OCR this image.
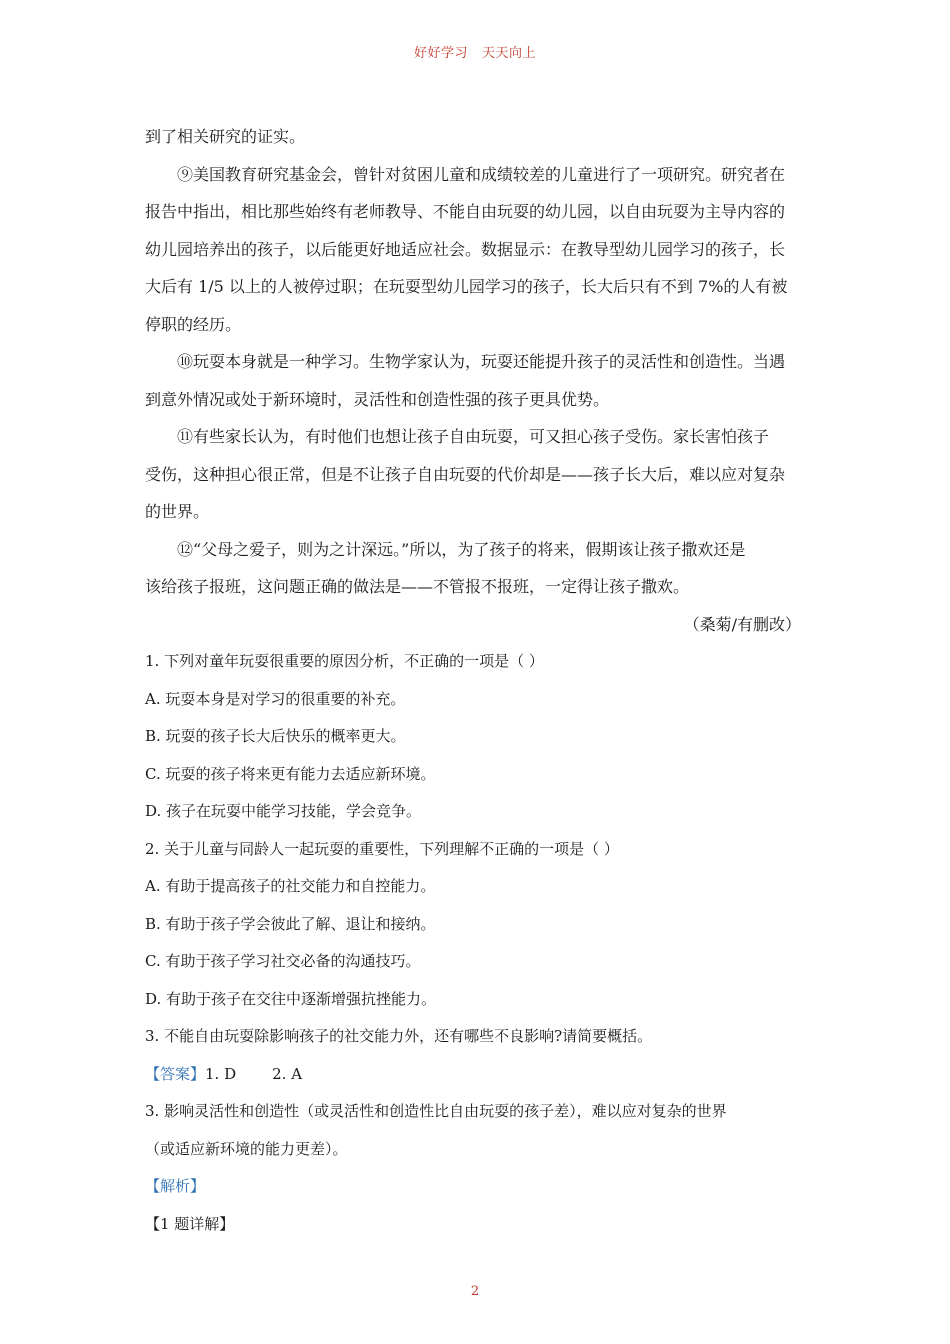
好好学习 天天向上
到了相关研究的证实。
⑨美国教育研究基金会，曾针对贫困儿童和成绩较差的儿童进行了一项研究。研究者在
报告中指出，相比那些始终有老师教导、不能自由玩耍的幼儿园，以自由玩耍为主导内容的
幼儿园培养出的孩子，以后能更好地适应社会。数据显示：在教导型幼儿园学习的孩子，长
大后有 1/5 以上的人被停过职；在玩耍型幼儿园学习的孩子，长大后只有不到 7%的人有被
停职的经历。
⑩玩耍本身就是一种学习。生物学家认为，玩耍还能提升孩子的灵活性和创造性。当遇
到意外情况或处于新环境时，灵活性和创造性强的孩子更具优势。
⑪有些家长认为，有时他们也想让孩子自由玩耍，可又担心孩子受伤。家长害怕孩子
受伤，这种担心很正常，但是不让孩子自由玩耍的代价却是——孩子长大后，难以应对复杂
的世界。
⑫“父母之爱子，则为之计深远。”所以，为了孩子的将来，假期该让孩子撒欢还是
该给孩子报班，这问题正确的做法是——不管报不报班，一定得让孩子撒欢。
（桑菊/有删改）
1. 下列对童年玩耍很重要的原因分析，不正确的一项是（ ）
A. 玩耍本身是对学习的很重要的补充。
B. 玩耍的孩子长大后快乐的概率更大。
C. 玩耍的孩子将来更有能力去适应新环境。
D. 孩子在玩耍中能学习技能，学会竞争。
2. 关于儿童与同龄人一起玩耍的重要性，下列理解不正确的一项是（ ）
A. 有助于提高孩子的社交能力和自控能力。
B. 有助于孩子学会彼此了解、退让和接纳。
C. 有助于孩子学习社交必备的沟通技巧。
D. 有助于孩子在交往中逐渐增强抗挫能力。
3. 不能自由玩耍除影响孩子的社交能力外，还有哪些不良影响?请简要概括。
【答案】1. D 2. A
3. 影响灵活性和创造性（或灵活性和创造性比自由玩耍的孩子差），难以应对复杂的世界
（或适应新环境的能力更差）。
【解析】
【1 题详解】
2
